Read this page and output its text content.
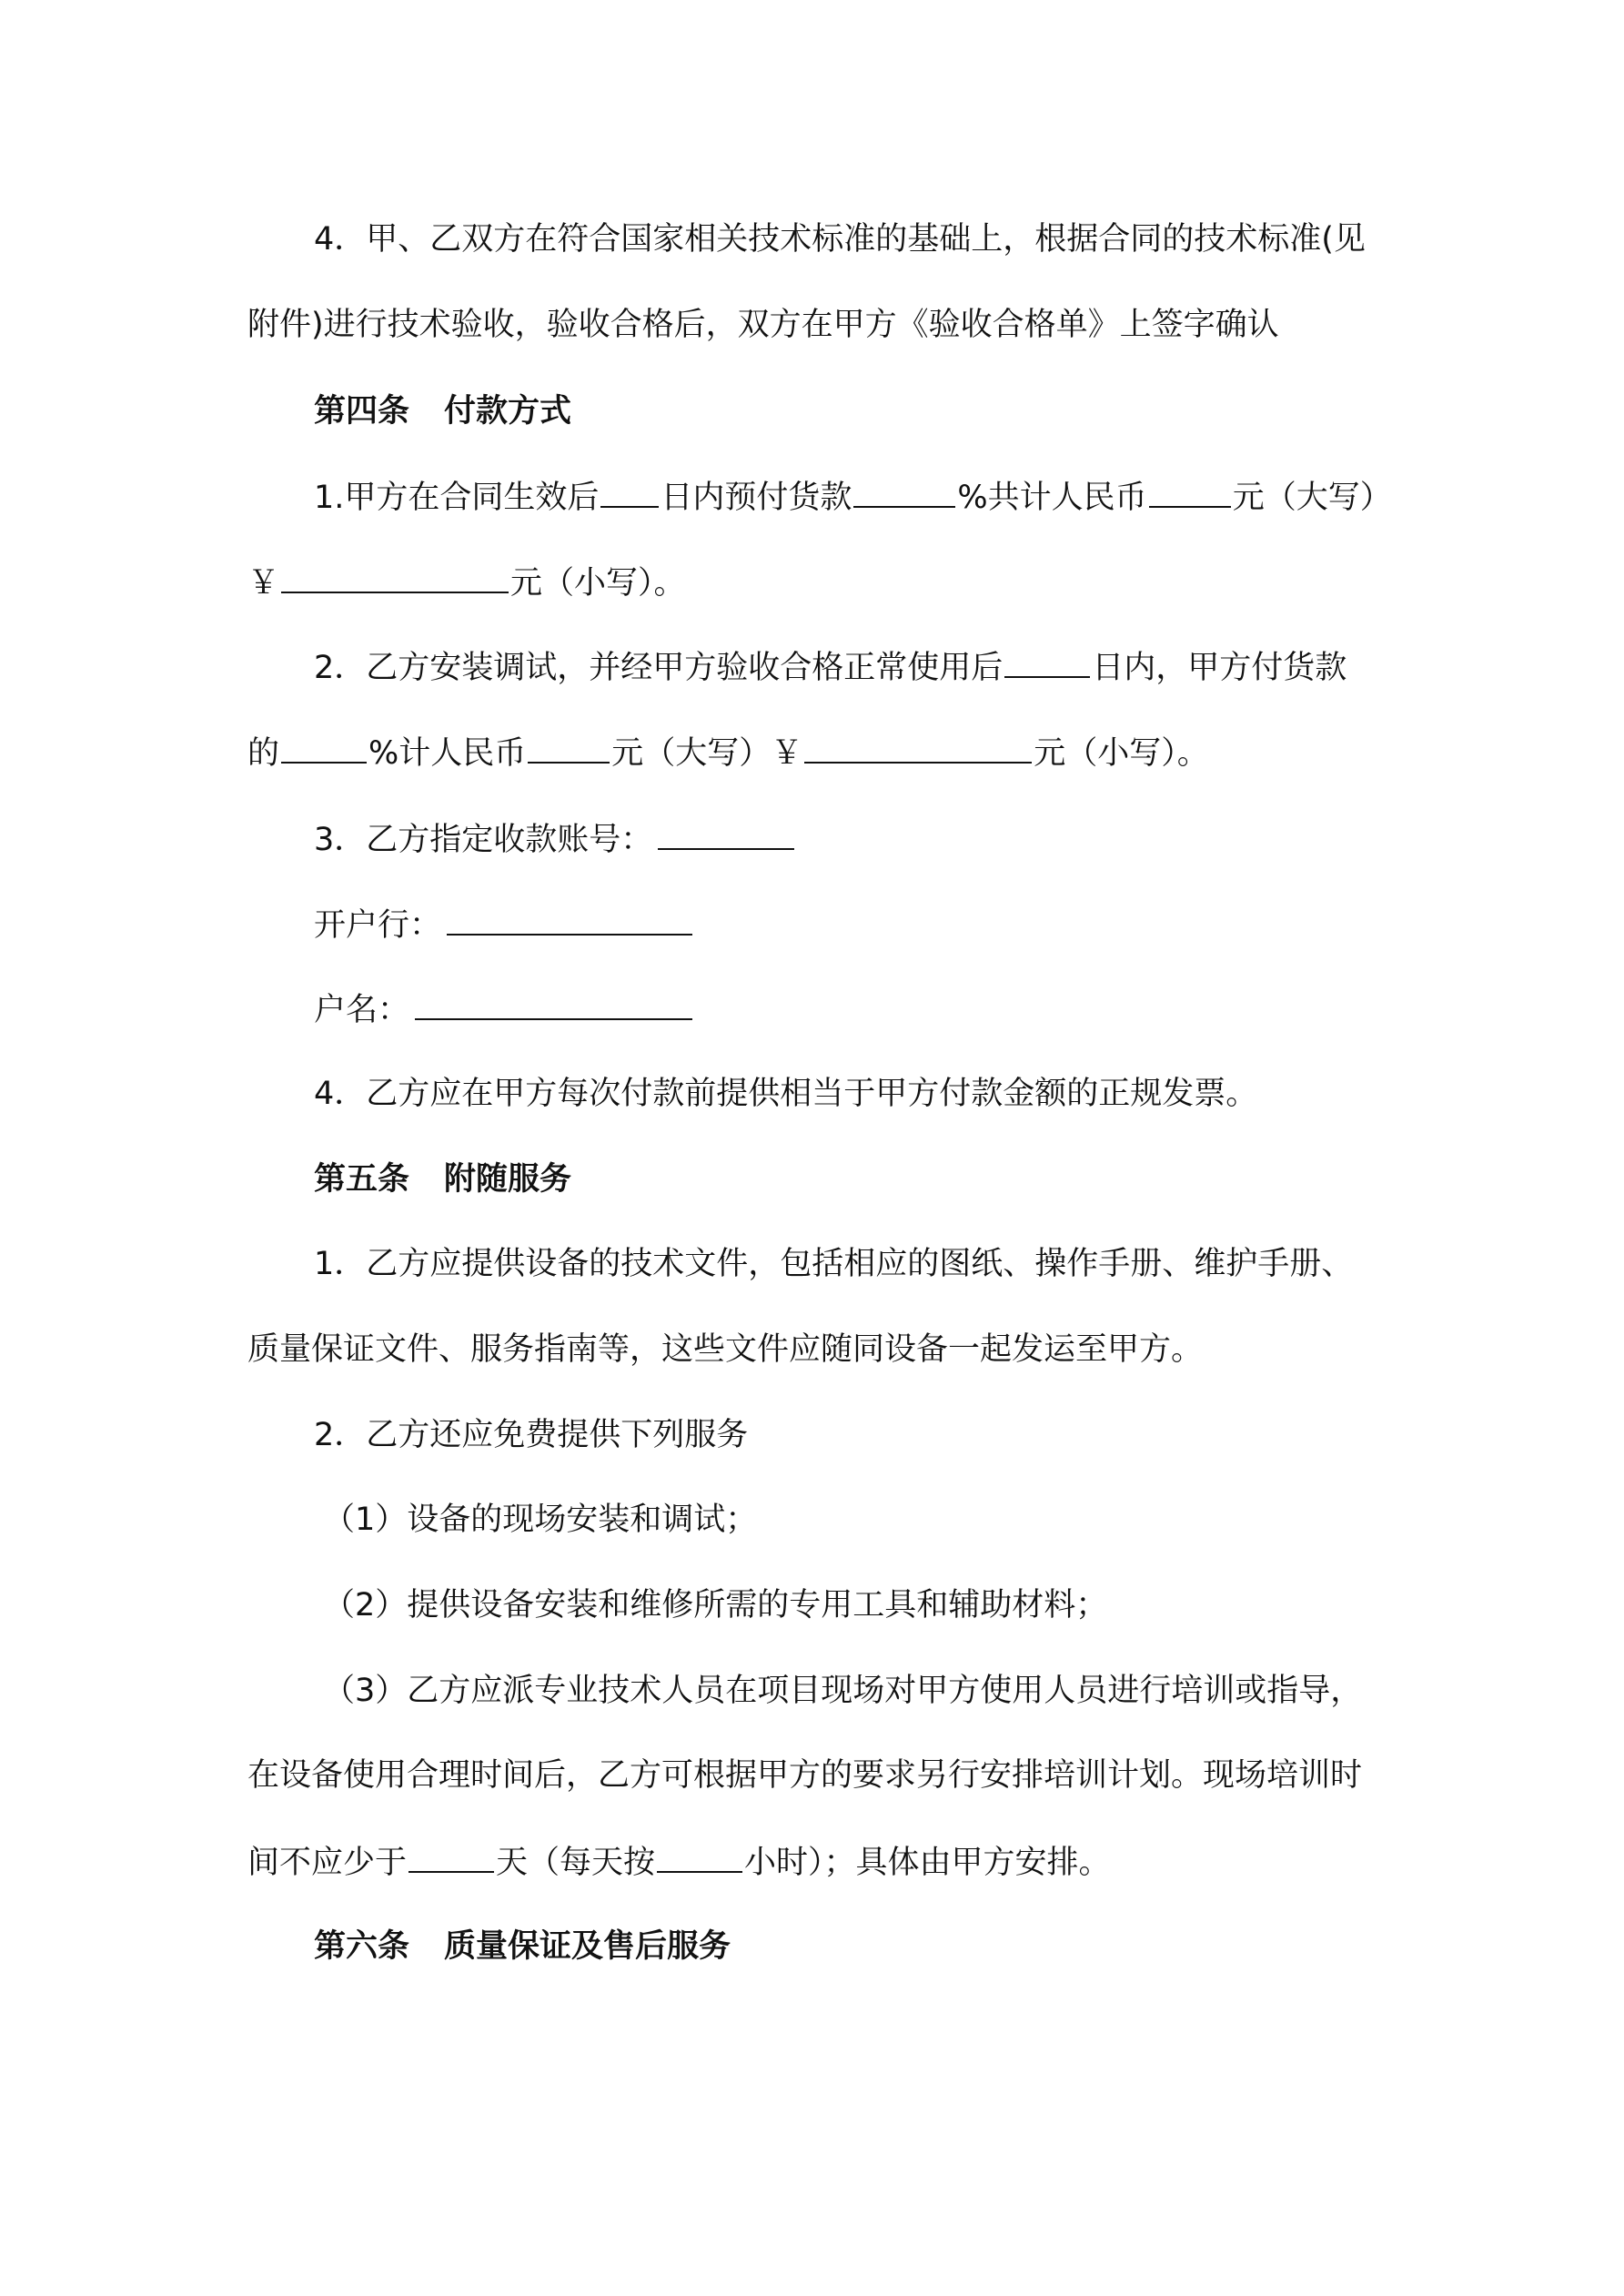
4．甲、乙双方在符合国家相关技术标准的基础上，根据合同的技术标准(见
附件)进行技术验收，验收合格后，双方在甲方《验收合格单》上签字确认
第四条 付款方式
1.甲方在合同生效后 日内预付货款	%共计人民币	元（大写）
￥	元（小写）。
2．乙方安装调试，并经甲方验收合格正常使用后	日内，甲方付货款
的	%计人民币	元（大写）￥	元（小写）。
3．乙方指定收款账号：
开户行：
户名：
4．乙方应在甲方每次付款前提供相当于甲方付款金额的正规发票。
第五条 附随服务
1．乙方应提供设备的技术文件，包括相应的图纸、操作手册、维护手册、
质量保证文件、服务指南等，这些文件应随同设备一起发运至甲方。
2．乙方还应免费提供下列服务
（1）设备的现场安装和调试；
（2）提供设备安装和维修所需的专用工具和辅助材料；
（3）乙方应派专业技术人员在项目现场对甲方使用人员进行培训或指导，
在设备使用合理时间后，乙方可根据甲方的要求另行安排培训计划。现场培训时
间不应少于	天（每天按	小时）；具体由甲方安排。
第六条 质量保证及售后服务
